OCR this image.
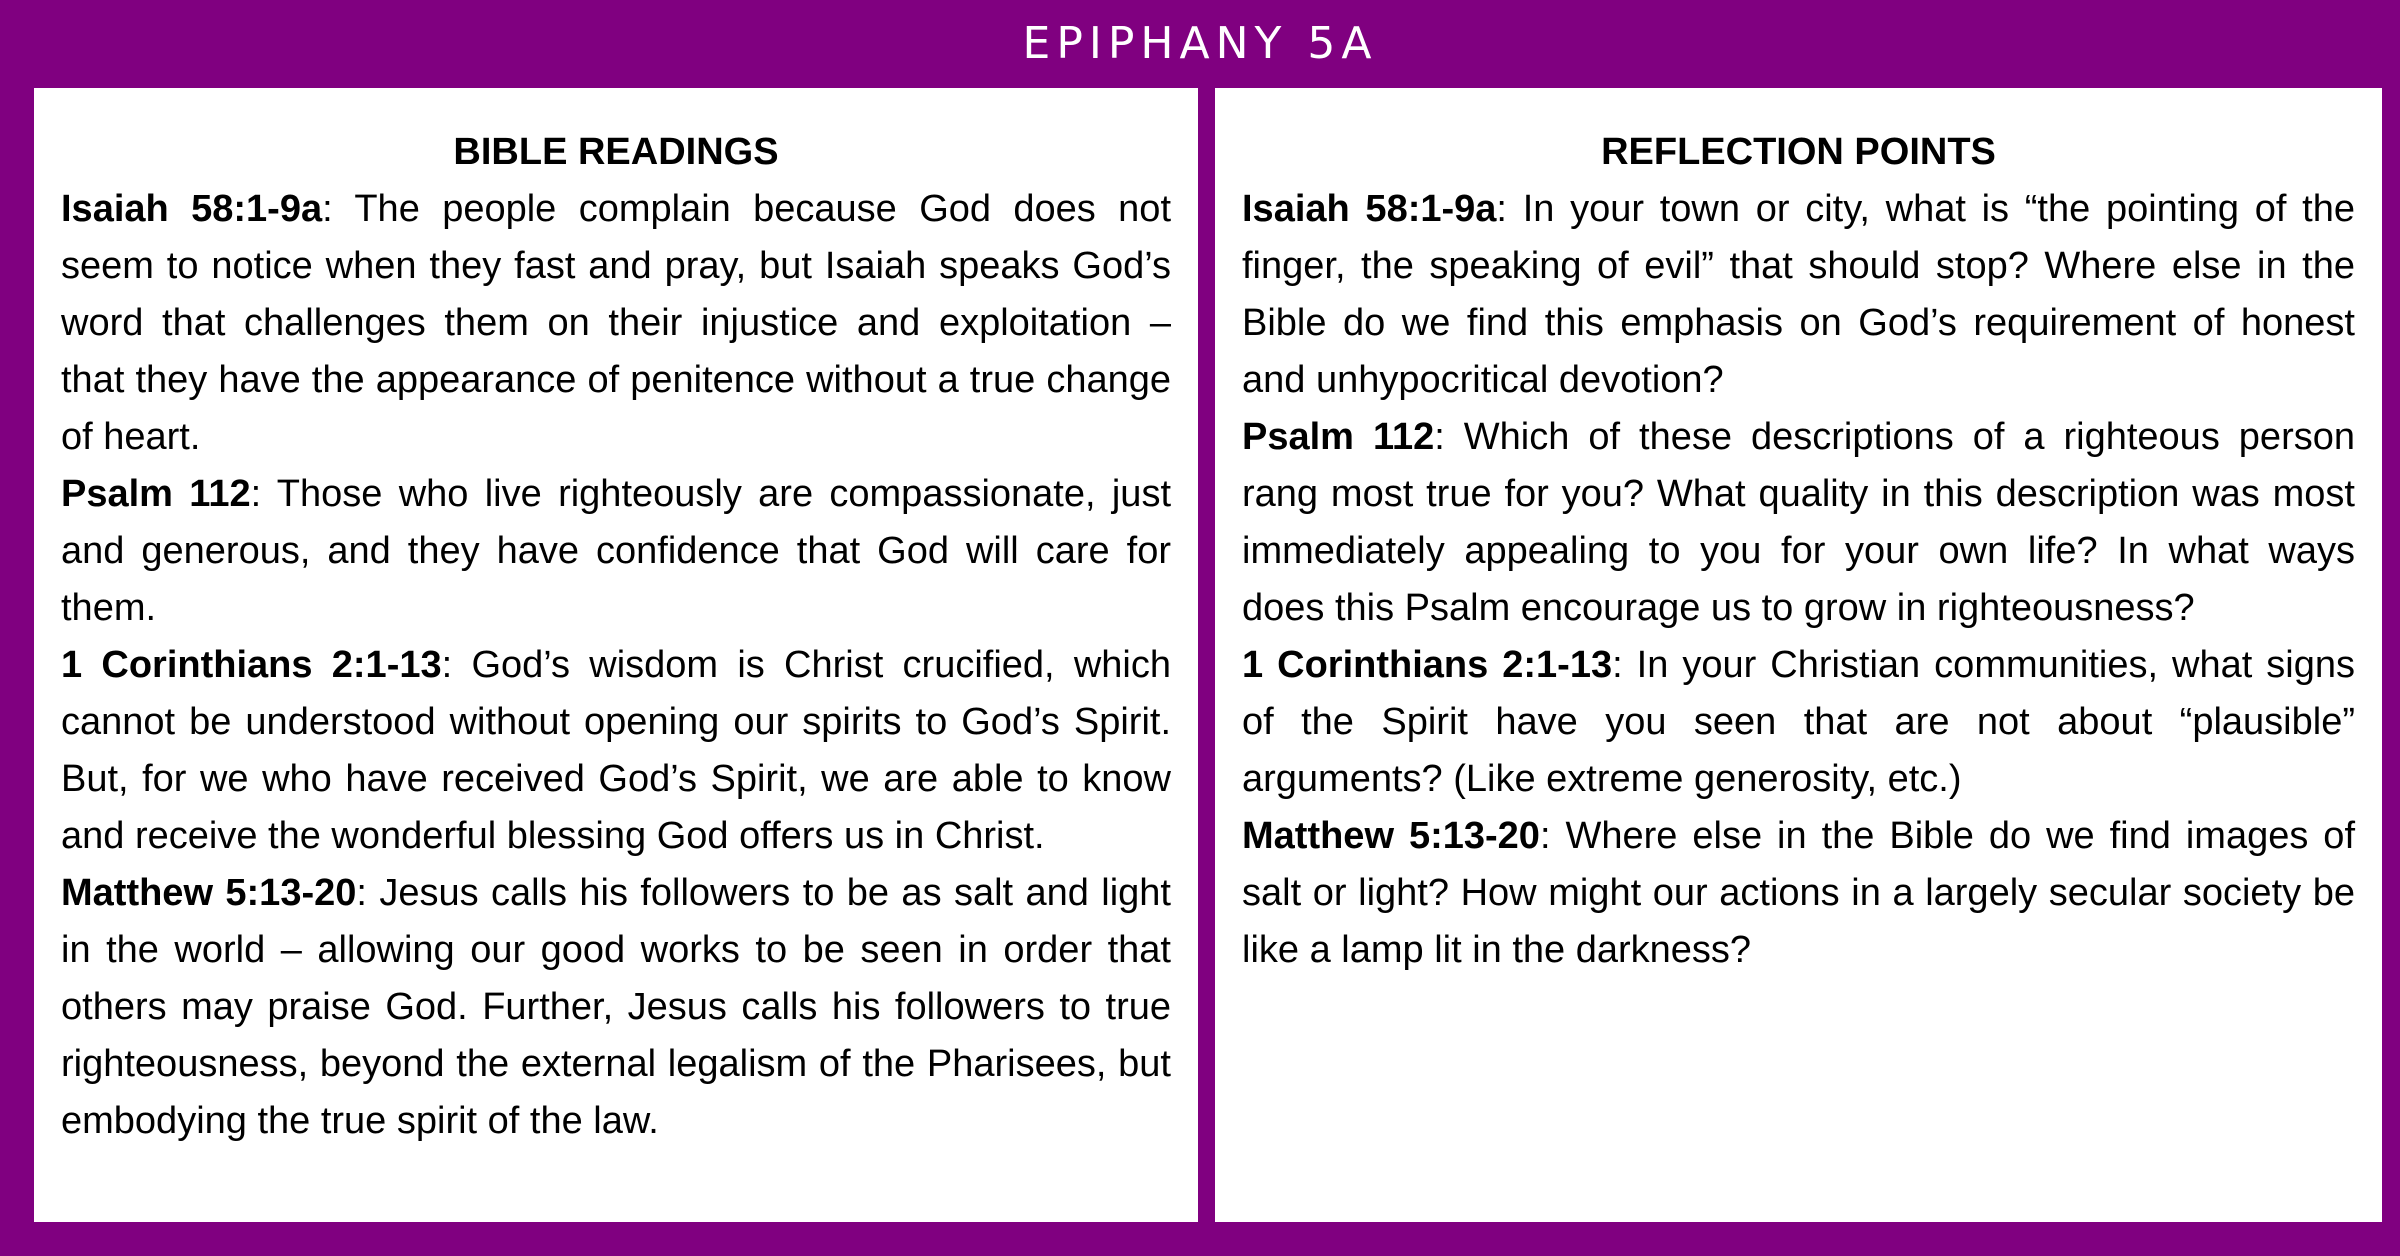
EPIPHANY 5A

BIBLE READINGS

Isaiah 58:1-9a: The people complain because God does not seem to notice when they fast and pray, but Isaiah speaks God’s word that challenges them on their injustice and exploitation – that they have the appearance of penitence without a true change of heart.

Psalm 112: Those who live righteously are compassionate, just and generous, and they have confidence that God will care for them.

1 Corinthians 2:1-13: God’s wisdom is Christ crucified, which cannot be understood without opening our spirits to God’s Spirit. But, for we who have received God’s Spirit, we are able to know and receive the wonderful blessing God offers us in Christ.

Matthew 5:13-20: Jesus calls his followers to be as salt and light in the world – allowing our good works to be seen in order that others may praise God. Further, Jesus calls his followers to true righteousness, beyond the external legalism of the Pharisees, but embodying the true spirit of the law.

REFLECTION POINTS

Isaiah 58:1-9a: In your town or city, what is “the pointing of the finger, the speaking of evil” that should stop? Where else in the Bible do we find this emphasis on God’s requirement of honest and unhypocritical devotion?

Psalm 112: Which of these descriptions of a righteous person rang most true for you? What quality in this description was most immediately appealing to you for your own life? In what ways does this Psalm encourage us to grow in righteousness?

1 Corinthians 2:1-13: In your Christian communities, what signs of the Spirit have you seen that are not about “plausible” arguments? (Like extreme generosity, etc.)

Matthew 5:13-20: Where else in the Bible do we find images of salt or light? How might our actions in a largely secular society be like a lamp lit in the darkness?
